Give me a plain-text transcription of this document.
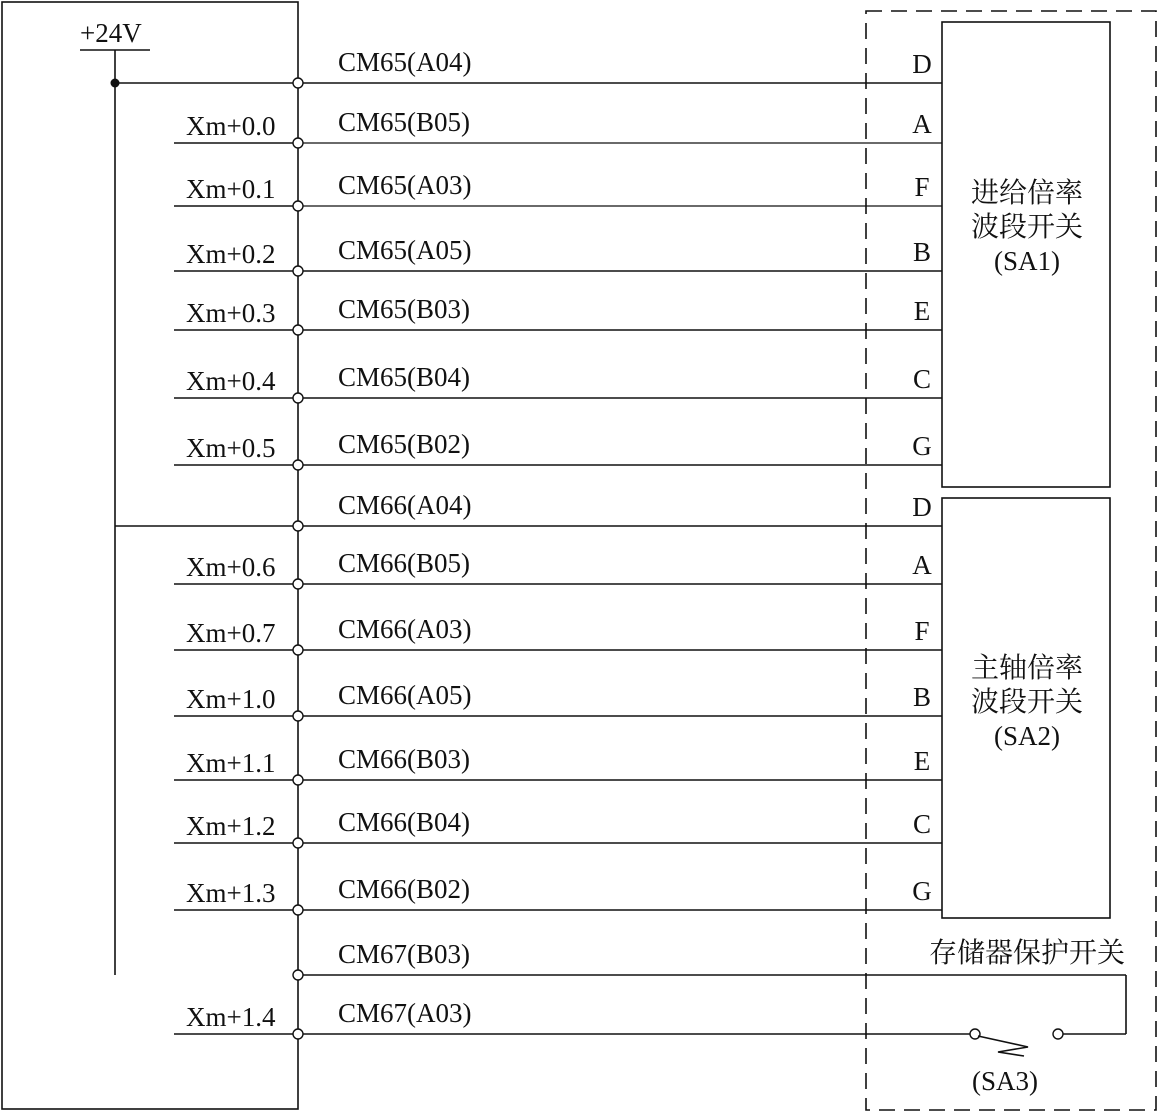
+24V
进给倍率
波段开关
(SA1)
主轴倍率
波段开关
(SA2)
存储器保护开关
(SA3)
CM65(A04)	D
Xm+0.0 CM65(B05)	A
Xm+0.1 CM65(A03)	F
Xm+0.2 CM65(A05)	B
Xm+0.3 CM65(B03)	E
Xm+0.4 CM65(B04)	C
Xm+0.5 CM65(B02)	G
CM66(A04)	D
Xm+0.6 CM66(B05)	A
Xm+0.7 CM66(A03)	F
Xm+1.0 CM66(A05)	B
Xm+1.1 CM66(B03)	E
Xm+1.2 CM66(B04)	C
Xm+1.3 CM66(B02)	G
CM67(B03)
Xm+1.4 CM67(A03)
